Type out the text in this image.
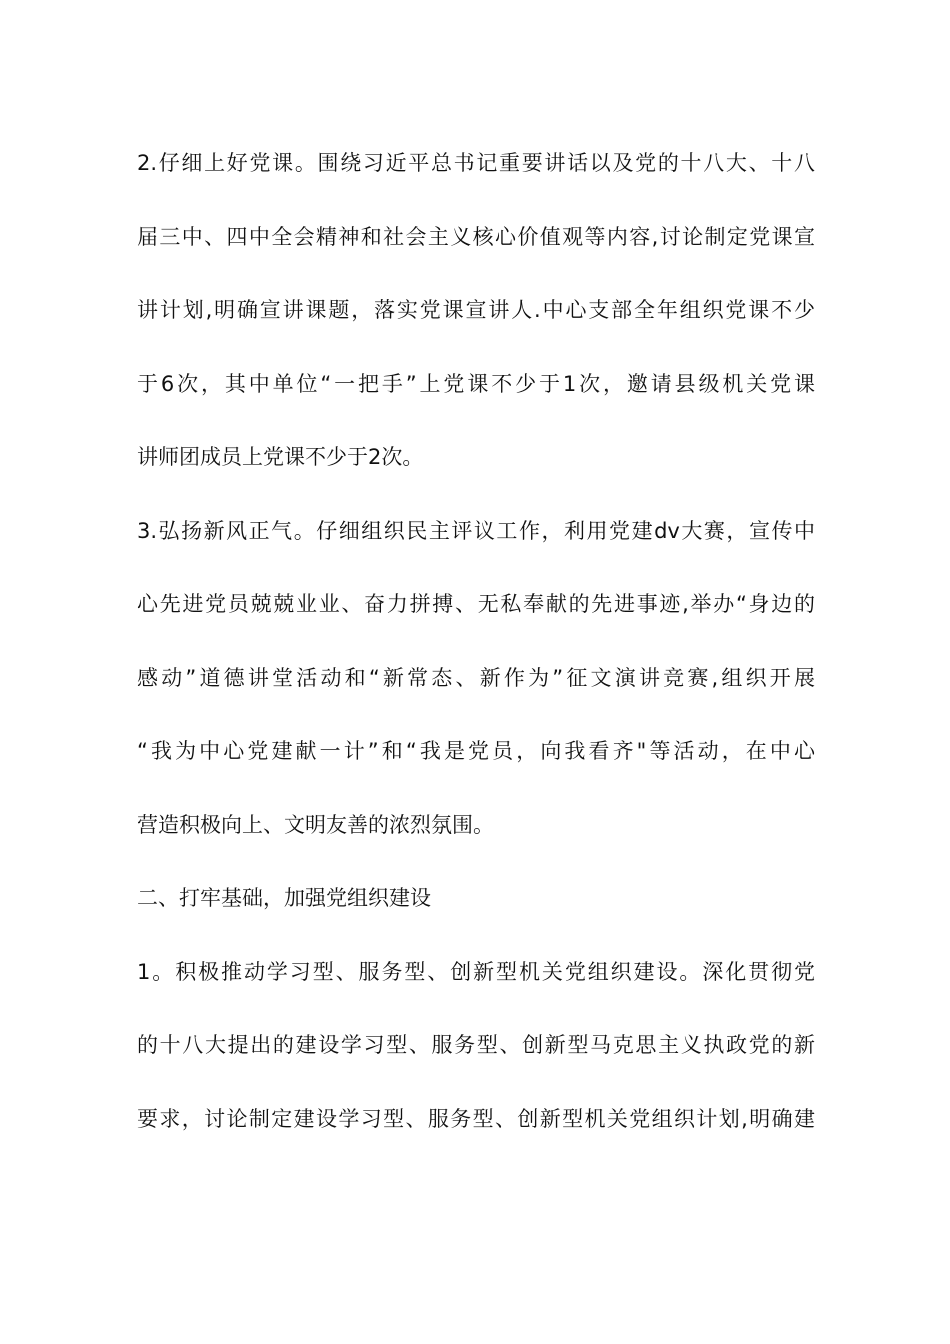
2.仔细上好党课。围绕习近平总书记重要讲话以及党的十八大、十八
届三中、四中全会精神和社会主义核心价值观等内容,讨论制定党课宣
讲计划,明确宣讲课题，落实党课宣讲人.中心支部全年组织党课不少
于6次，其中单位“一把手”上党课不少于1次，邀请县级机关党课
讲师团成员上党课不少于2次。
3.弘扬新风正气。仔细组织民主评议工作，利用党建dv大赛，宣传中
心先进党员兢兢业业、奋力拼搏、无私奉献的先进事迹,举办“身边的
感动”道德讲堂活动和“新常态、新作为”征文演讲竞赛,组织开展
“我为中心党建献一计”和“我是党员，向我看齐"等活动，在中心
营造积极向上、文明友善的浓烈氛围。
二、打牢基础，加强党组织建设
1。积极推动学习型、服务型、创新型机关党组织建设。深化贯彻党
的十八大提出的建设学习型、服务型、创新型马克思主义执政党的新
要求，讨论制定建设学习型、服务型、创新型机关党组织计划,明确建
